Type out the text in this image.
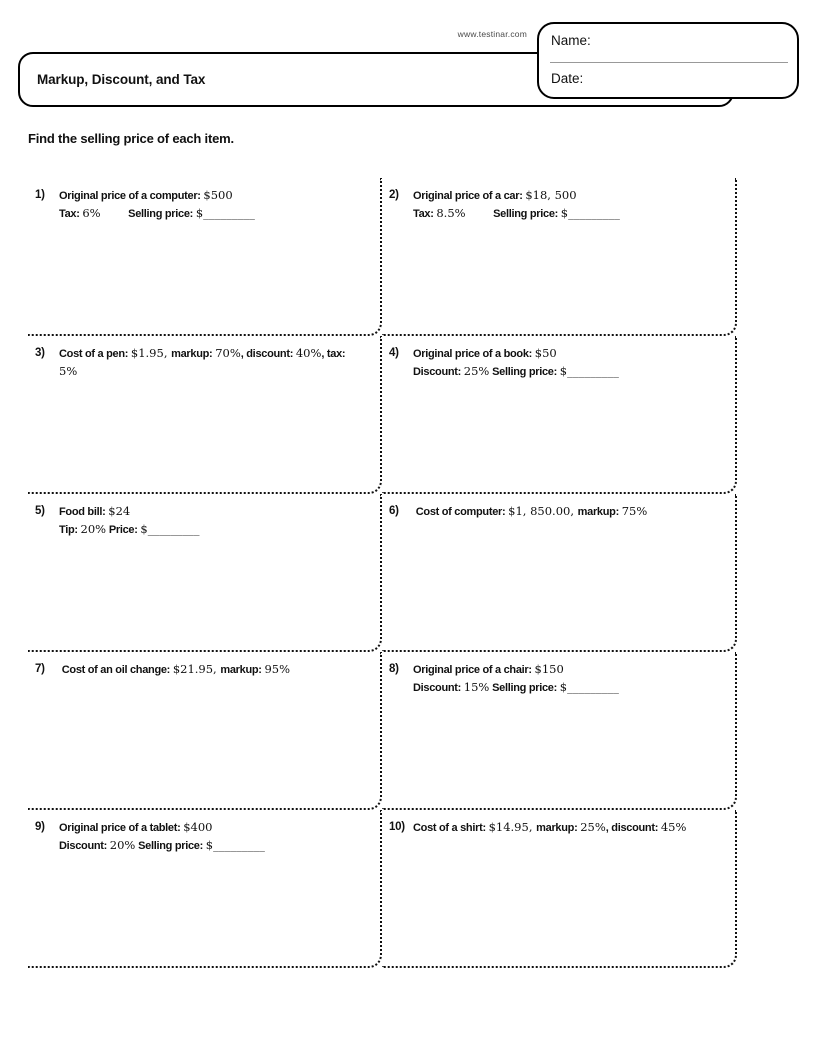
www.testinar.com
Markup, Discount, and Tax
Name:
Date:
Find the selling price of each item.
1)	Original price of a computer: $500
Tax: 6%          Selling price: $_________
2)	Original price of a car: $18, 500
Tax: 8.5%          Selling price: $_________
3)	Cost of a pen: $1.95, markup: 70%, discount: 40%, tax:
5%
4)	Original price of a book: $50
Discount: 25% Selling price: $_________
5)	Food bill: $24
Tip: 20% Price: $_________
6)	Cost of computer: $1, 850.00, markup: 75%
7)	Cost of an oil change: $21.95, markup: 95%	8)	Original price of a chair: $150
Discount: 15% Selling price: $_________
9)	Original price of a tablet: $400
Discount: 20% Selling price: $_________
10) Cost of a shirt: $14.95, markup: 25%, discount: 45%
